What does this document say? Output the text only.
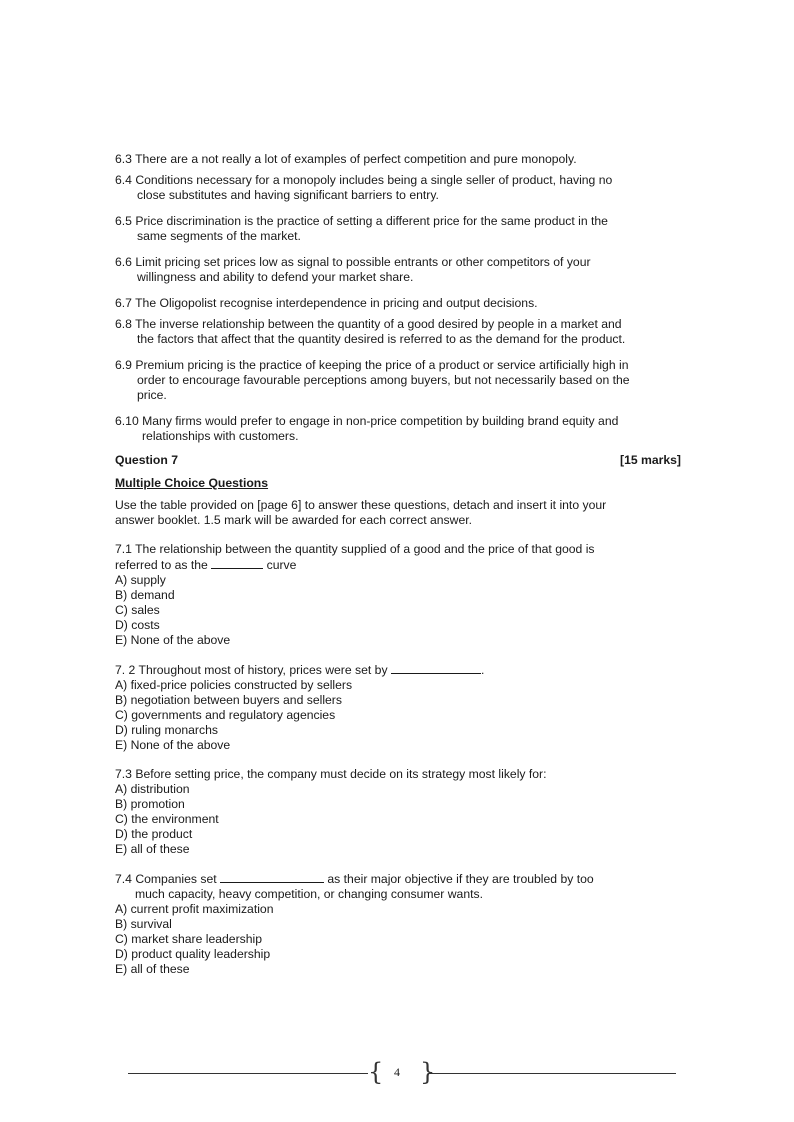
6.3 There are a not really a lot of examples of perfect competition and pure monopoly.
6.4 Conditions necessary for a monopoly includes being a single seller of product, having no
close substitutes and having significant barriers to entry.
6.5 Price discrimination is the practice of setting a different price for the same product in the
same segments of the market.
6.6 Limit pricing set prices low as signal to possible entrants or other competitors of your
willingness and ability to defend your market share.
6.7 The Oligopolist recognise interdependence in pricing and output decisions.
6.8 The inverse relationship between the quantity of a good desired by people in a market and
the factors that affect that the quantity desired is referred to as the demand for the product.
6.9 Premium pricing is the practice of keeping the price of a product or service artificially high in
order to encourage favourable perceptions among buyers, but not necessarily based on the
price.
6.10 Many firms would prefer to engage in non-price competition by building brand equity and
relationships with customers.
Question 7	[15 marks]
Multiple Choice Questions
Use the table provided on [page 6] to answer these questions, detach and insert it into your
answer booklet. 1.5 mark will be awarded for each correct answer.
7.1 The relationship between the quantity supplied of a good and the price of that good is
referred to as the	curve
A) supply
B) demand
C) sales
D) costs
E) None of the above
7. 2 Throughout most of history, prices were set by	.
A) fixed-price policies constructed by sellers
B) negotiation between buyers and sellers
C) governments and regulatory agencies
D) ruling monarchs
E) None of the above
7.3 Before setting price, the company must decide on its strategy most likely for:
A) distribution
B) promotion
C) the environment
D) the product
E) all of these
7.4 Companies set	as their major objective if they are troubled by too
much capacity, heavy competition, or changing consumer wants.
A) current profit maximization
B) survival
C) market share leadership
D) product quality leadership
E) all of these
{ 4 }
